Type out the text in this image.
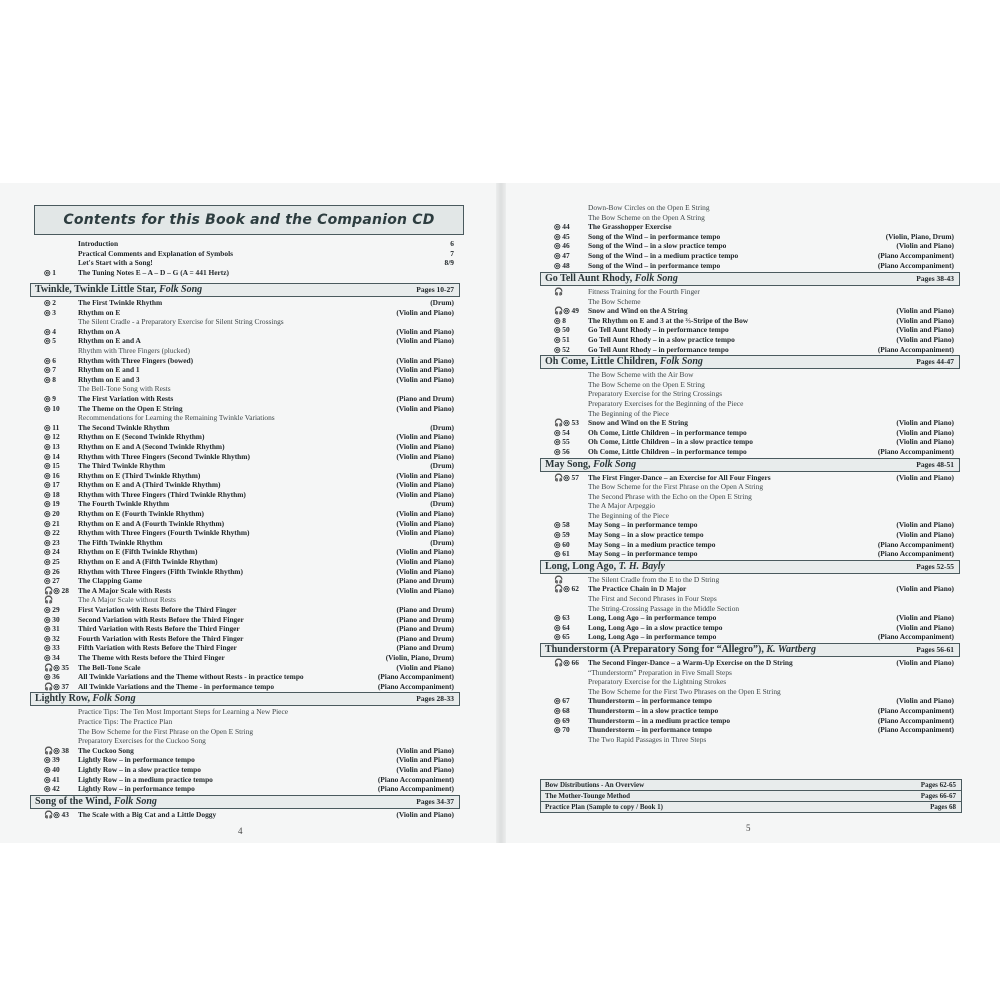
Contents for this Book and the Companion CD
Introduction	6
Practical Comments and Explanation of Symbols	7
Let's Start with a Song!	8/9
◎ 1	The Tuning Notes E – A – D – G (A = 441 Hertz)
Twinkle, Twinkle Little Star, Folk Song	Pages 10-27
◎ 2	The First Twinkle Rhythm	(Drum)
◎ 3	Rhythm on E	(Violin and Piano)
The Silent Cradle - a Preparatory Exercise for Silent String Crossings
◎ 4	Rhythm on A	(Violin and Piano)
◎ 5	Rhythm on E and A	(Violin and Piano)
Rhythm with Three Fingers (plucked)
◎ 6	Rhythm with Three Fingers (bowed)	(Violin and Piano)
◎ 7	Rhythm on E and 1	(Violin and Piano)
◎ 8	Rhythm on E and 3	(Violin and Piano)
The Bell-Tone Song with Rests
◎ 9	The First Variation with Rests	(Piano and Drum)
◎ 10	The Theme on the Open E String	(Violin and Piano)
Recommendations for Learning the Remaining Twinkle Variations
◎ 11	The Second Twinkle Rhythm	(Drum)
◎ 12	Rhythm on E (Second Twinkle Rhythm)	(Violin and Piano)
◎ 13	Rhythm on E and A (Second Twinkle Rhythm)	(Violin and Piano)
◎ 14	Rhythm with Three Fingers (Second Twinkle Rhythm)	(Violin and Piano)
◎ 15	The Third Twinkle Rhythm	(Drum)
◎ 16	Rhythm on E (Third Twinkle Rhythm)	(Violin and Piano)
◎ 17	Rhythm on E and A (Third Twinkle Rhythm)	(Violin and Piano)
◎ 18	Rhythm with Three Fingers (Third Twinkle Rhythm)	(Violin and Piano)
◎ 19	The Fourth Twinkle Rhythm	(Drum)
◎ 20	Rhythm on E (Fourth Twinkle Rhythm)	(Violin and Piano)
◎ 21	Rhythm on E and A (Fourth Twinkle Rhythm)	(Violin and Piano)
◎ 22	Rhythm with Three Fingers (Fourth Twinkle Rhythm)	(Violin and Piano)
◎ 23	The Fifth Twinkle Rhythm	(Drum)
◎ 24	Rhythm on E (Fifth Twinkle Rhythm)	(Violin and Piano)
◎ 25	Rhythm on E and A (Fifth Twinkle Rhythm)	(Violin and Piano)
◎ 26	Rhythm with Three Fingers (Fifth Twinkle Rhythm)	(Violin and Piano)
◎ 27	The Clapping Game	(Piano and Drum)
🎧◎ 28	The A Major Scale with Rests	(Violin and Piano)
🎧	The A Major Scale without Rests
◎ 29	First Variation with Rests Before the Third Finger	(Piano and Drum)
◎ 30	Second Variation with Rests Before the Third Finger	(Piano and Drum)
◎ 31	Third Variation with Rests Before the Third Finger	(Piano and Drum)
◎ 32	Fourth Variation with Rests Before the Third Finger	(Piano and Drum)
◎ 33	Fifth Variation with Rests Before the Third Finger	(Piano and Drum)
◎ 34	The Theme with Rests before the Third Finger	(Violin, Piano, Drum)
🎧◎ 35	The Bell-Tone Scale	(Violin and Piano)
◎ 36	All Twinkle Variations and the Theme without Rests - in practice tempo	(Piano Accompaniment)
🎧◎ 37	All Twinkle Variations and the Theme - in performance tempo	(Piano Accompaniment)
Lightly Row, Folk Song	Pages 28-33
Practice Tips: The Ten Most Important Steps for Learning a New Piece
Practice Tips: The Practice Plan
The Bow Scheme for the First Phrase on the Open E String
Preparatory Exercises for the Cuckoo Song
🎧◎ 38	The Cuckoo Song	(Violin and Piano)
◎ 39	Lightly Row – in performance tempo	(Violin and Piano)
◎ 40	Lightly Row – in a slow practice tempo	(Violin and Piano)
◎ 41	Lightly Row – in a medium practice tempo	(Piano Accompaniment)
◎ 42	Lightly Row – in performance tempo	(Piano Accompaniment)
Song of the Wind, Folk Song	Pages 34-37
🎧◎ 43	The Scale with a Big Cat and a Little Doggy	(Violin and Piano)
4
Down-Bow Circles on the Open E String
The Bow Scheme on the Open A String
◎ 44	The Grasshopper Exercise
◎ 45	Song of the Wind – in performance tempo	(Violin, Piano, Drum)
◎ 46	Song of the Wind – in a slow practice tempo	(Violin and Piano)
◎ 47	Song of the Wind – in a medium practice tempo	(Piano Accompaniment)
◎ 48	Song of the Wind – in performance tempo	(Piano Accompaniment)
Go Tell Aunt Rhody, Folk Song	Pages 38-43
🎧	Fitness Training for the Fourth Finger
The Bow Scheme
🎧◎ 49	Snow and Wind on the A String	(Violin and Piano)
◎ 8	The Rhythm on E and 3 at the ⅔-Stripe of the Bow	(Violin and Piano)
◎ 50	Go Tell Aunt Rhody – in performance tempo	(Violin and Piano)
◎ 51	Go Tell Aunt Rhody – in a slow practice tempo	(Violin and Piano)
◎ 52	Go Tell Aunt Rhody – in performance tempo	(Piano Accompaniment)
Oh Come, Little Children, Folk Song	Pages 44-47
The Bow Scheme with the Air Bow
The Bow Scheme on the Open E String
Preparatory Exercise for the String Crossings
Preparatory Exercises for the Beginning of the Piece
The Beginning of the Piece
🎧◎ 53	Snow and Wind on the E String	(Violin and Piano)
◎ 54	Oh Come, Little Children – in performance tempo	(Violin and Piano)
◎ 55	Oh Come, Little Children – in a slow practice tempo	(Violin and Piano)
◎ 56	Oh Come, Little Children – in performance tempo	(Piano Accompaniment)
May Song, Folk Song	Pages 48-51
🎧◎ 57	The First Finger-Dance – an Exercise for All Four Fingers	(Violin and Piano)
The Bow Scheme for the First Phrase on the Open A String
The Second Phrase with the Echo on the Open E String
The A Major Arpeggio
The Beginning of the Piece
◎ 58	May Song – in performance tempo	(Violin and Piano)
◎ 59	May Song – in a slow practice tempo	(Violin and Piano)
◎ 60	May Song – in a medium practice tempo	(Piano Accompaniment)
◎ 61	May Song – in performance tempo	(Piano Accompaniment)
Long, Long Ago, T. H. Bayly	Pages 52-55
🎧	The Silent Cradle from the E to the D String
🎧◎ 62	The Practice Chain in D Major	(Violin and Piano)
The First and Second Phrases in Four Steps
The String-Crossing Passage in the Middle Section
◎ 63	Long, Long Ago – in performance tempo	(Violin and Piano)
◎ 64	Long, Long Ago – in a slow practice tempo	(Violin and Piano)
◎ 65	Long, Long Ago – in performance tempo	(Piano Accompaniment)
Thunderstorm (A Preparatory Song for “Allegro”), K. Wartberg	Pages 56-61
🎧◎ 66	The Second Finger-Dance – a Warm-Up Exercise on the D String	(Violin and Piano)
“Thunderstorm” Preparation in Five Small Steps
Preparatory Exercise for the Lightning Strokes
The Bow Scheme for the First Two Phrases on the Open E String
◎ 67	Thunderstorm – in performance tempo	(Violin and Piano)
◎ 68	Thunderstorm – in a slow practice tempo	(Piano Accompaniment)
◎ 69	Thunderstorm – in a medium practice tempo	(Piano Accompaniment)
◎ 70	Thunderstorm – in performance tempo	(Piano Accompaniment)
The Two Rapid Passages in Three Steps
Bow Distributions - An Overview	Pages 62-65
The Mother-Tounge Method	Pages 66-67
Practice Plan (Sample to copy / Book 1)	Pages 68
5
